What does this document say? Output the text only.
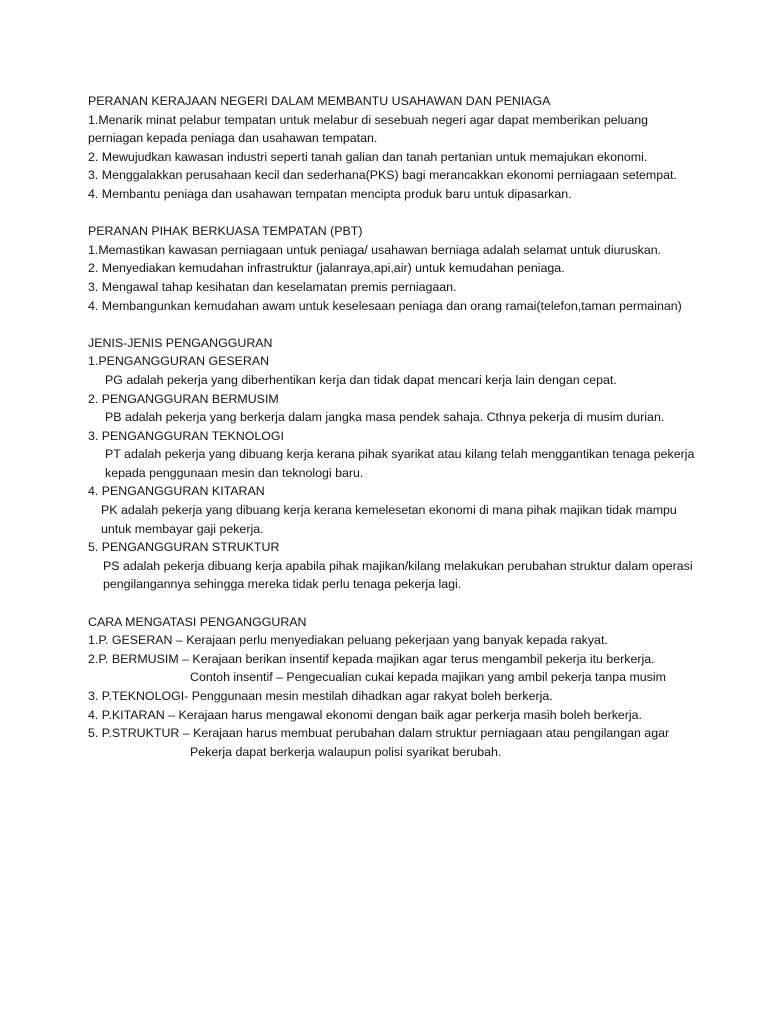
PERANAN KERAJAAN NEGERI DALAM MEMBANTU USAHAWAN DAN PENIAGA
1.Menarik minat pelabur tempatan untuk melabur di sesebuah negeri agar dapat memberikan peluang perniagan kepada peniaga dan usahawan tempatan.
2. Mewujudkan kawasan industri seperti tanah galian dan tanah pertanian untuk memajukan ekonomi.
3. Menggalakkan perusahaan kecil dan sederhana(PKS) bagi merancakkan ekonomi perniagaan setempat.
4. Membantu peniaga dan usahawan tempatan mencipta produk baru untuk dipasarkan.
PERANAN PIHAK BERKUASA TEMPATAN (PBT)
1.Memastikan kawasan perniagaan untuk peniaga/ usahawan berniaga adalah selamat untuk diuruskan.
2. Menyediakan kemudahan infrastruktur (jalanraya,api,air) untuk kemudahan peniaga.
3. Mengawal tahap kesihatan dan keselamatan premis perniagaan.
4. Membangunkan kemudahan awam untuk keselesaan peniaga dan orang ramai(telefon,taman permainan)
JENIS-JENIS PENGANGGURAN
1.PENGANGGURAN GESERAN
PG adalah pekerja yang diberhentikan kerja dan tidak dapat mencari kerja lain dengan cepat.
2. PENGANGGURAN BERMUSIM
PB adalah pekerja yang berkerja dalam jangka masa pendek sahaja. Cthnya pekerja di musim durian.
3. PENGANGGURAN TEKNOLOGI
PT adalah pekerja yang dibuang kerja kerana pihak syarikat atau kilang telah menggantikan tenaga pekerja kepada penggunaan mesin dan teknologi baru.
4. PENGANGGURAN KITARAN
PK adalah pekerja yang dibuang kerja kerana kemelesetan ekonomi di mana pihak majikan tidak mampu untuk membayar gaji pekerja.
5. PENGANGGURAN STRUKTUR
PS adalah pekerja dibuang kerja apabila pihak majikan/kilang melakukan perubahan struktur dalam operasi pengilangannya sehingga mereka tidak perlu tenaga pekerja lagi.
CARA MENGATASI PENGANGGURAN
1.P. GESERAN – Kerajaan perlu menyediakan peluang pekerjaan yang banyak kepada rakyat.
2.P. BERMUSIM – Kerajaan berikan insentif kepada majikan agar terus mengambil pekerja itu berkerja.
Contoh insentif – Pengecualian cukai kepada majikan yang ambil pekerja tanpa musim
3. P.TEKNOLOGI- Penggunaan mesin mestilah dihadkan agar rakyat boleh berkerja.
4. P.KITARAN – Kerajaan harus mengawal ekonomi dengan baik agar perkerja masih boleh berkerja.
5. P.STRUKTUR – Kerajaan harus membuat perubahan dalam struktur perniagaan atau pengilangan agar
Pekerja dapat berkerja walaupun polisi syarikat berubah.
